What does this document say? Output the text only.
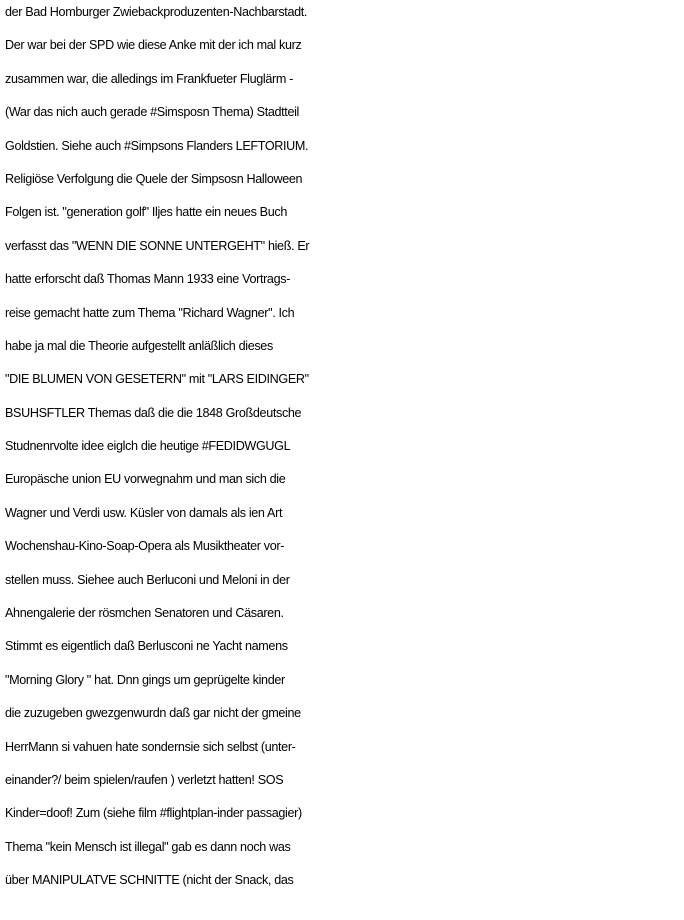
der Bad Homburger Zwiebackproduzenten-Nachbarstadt.
Der war bei der SPD wie diese Anke mit der ich mal kurz
zusammen war, die alledings im Frankfueter Fluglärm -
(War das nich auch gerade #Simsposn Thema) Stadtteil
Goldstien. Siehe auch #Simpsons Flanders LEFTORIUM.
Religiöse Verfolgung die Quele der Simpsosn Halloween
Folgen ist. "generation golf" Iljes hatte ein neues Buch
verfasst das "WENN DIE SONNE UNTERGEHT" hieß. Er
hatte erforscht daß Thomas Mann 1933 eine Vortrags-
reise gemacht hatte zum Thema "Richard Wagner". Ich
habe ja mal die Theorie aufgestellt anläßlich dieses
"DIE BLUMEN VON GESETERN" mit "LARS EIDINGER"
BSUHSFTLER Themas daß die die 1848 Großdeutsche
Studnenrvolte idee eiglch die heutige #FEDIDWGUGL
Europäsche union EU vorwegnahm und man sich die
Wagner und Verdi usw. Küsler von damals als ien Art
Wochenshau-Kino-Soap-Opera als Musiktheater vor-
stellen muss. Siehee auch Berluconi und Meloni in der
Ahnengalerie der rösmchen Senatoren und Cäsaren.
Stimmt es eigentlich daß Berlusconi ne Yacht namens
"Morning Glory " hat. Dnn gings um geprügelte kinder
die zuzugeben gwezgenwurdn daß gar nicht der gmeine
HerrMann si vahuen hate sondernsie sich selbst (unter-
einander?/ beim spielen/raufen ) verletzt hatten! SOS
Kinder=doof! Zum (siehe film #flightplan-inder passagier)
Thema "kein Mensch ist illegal" gab es dann noch was
über MANIPULATVE SCHNITTE (nicht der Snack, das
